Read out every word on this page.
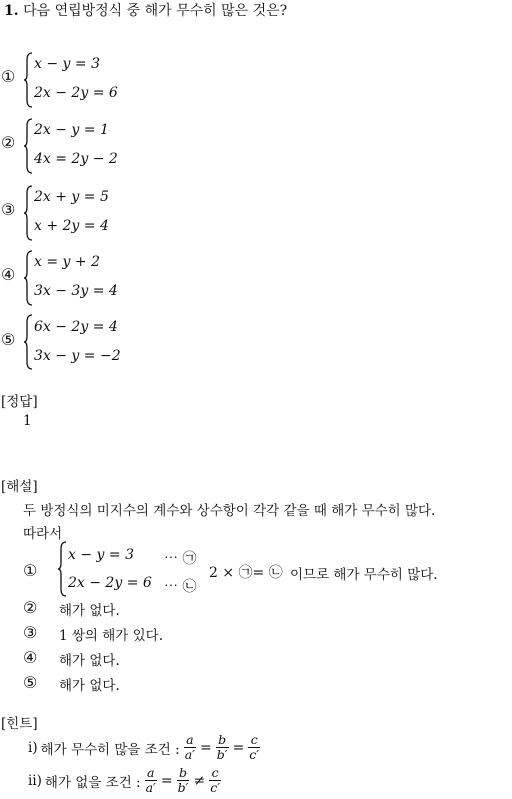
1. 다음 연립방정식 중 해가 무수히 많은 것은?
①
x − y = 3
2x − 2y = 6
②
2x − y = 1
4x = 2y − 2
③
2x + y = 5
x + 2y = 4
④
x = y + 2
3x − 3y = 4
⑤
6x − 2y = 4
3x − y = −2
[정답]
1
[해설]
두 방정식의 미지수의 계수와 상수항이 각각 같을 때 해가 무수히 많다.
따라서
①
x − y = 3
2x − 2y = 6
⋯ ㉠
⋯ ㉡
2 × ㉠= ㉡ 이므로 해가 무수히 많다.
② 해가 없다.
③ 1 쌍의 해가 있다.
④ 해가 없다.
⑤ 해가 없다.
[힌트]
ⅰ) 해가 무수히 많을 조건 : $\frac{a}{a'} = \frac{b}{b'} = \frac{c}{c'}$
ⅱ) 해가 없을 조건 : $\frac{a}{a'} = \frac{b}{b'} \ne \frac{c}{c'}$
